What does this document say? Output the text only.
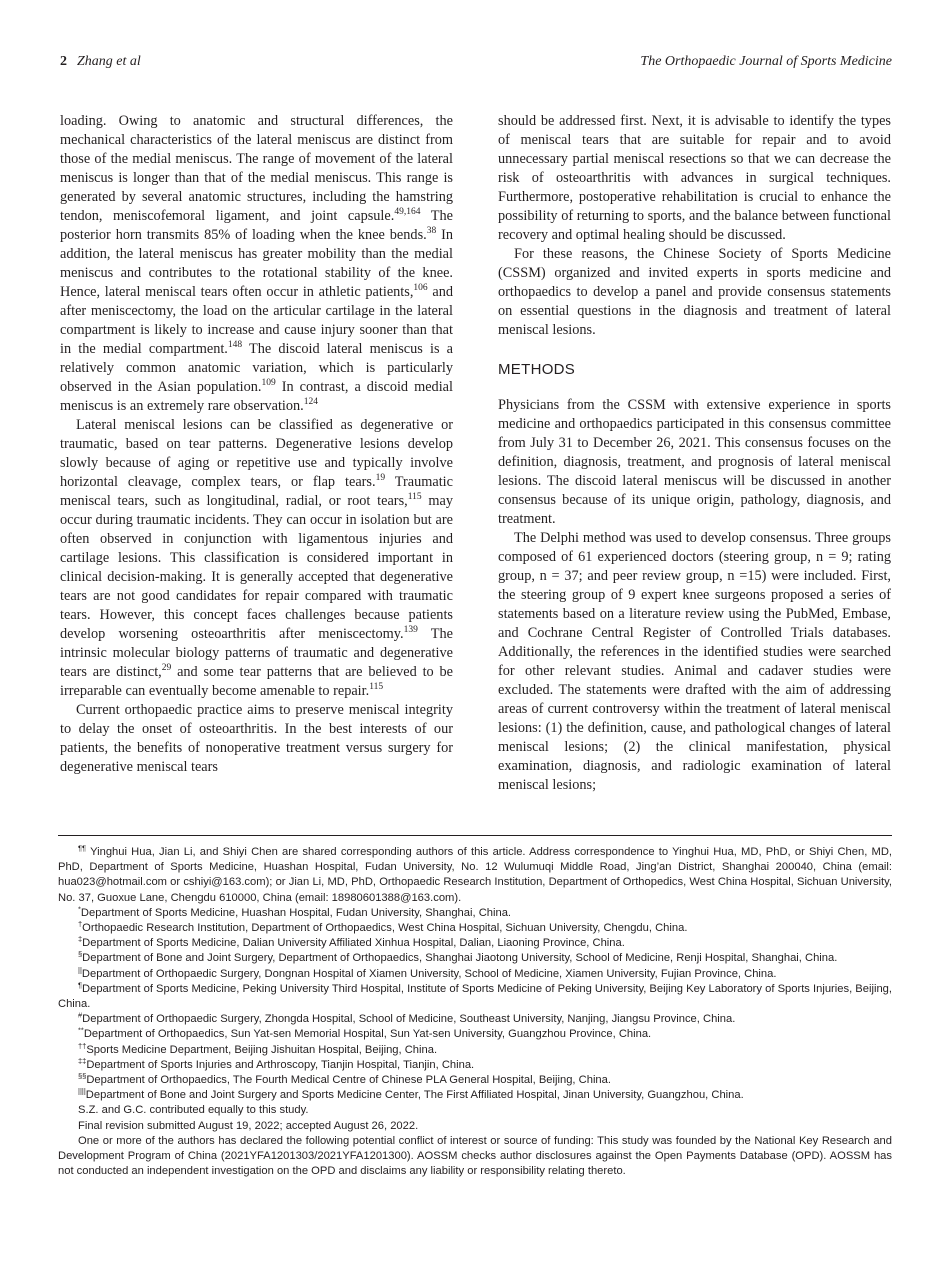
2 Zhang et al	The Orthopaedic Journal of Sports Medicine

loading. Owing to anatomic and structural differences, the mechanical characteristics of the lateral meniscus are distinct from those of the medial meniscus. The range of movement of the lateral meniscus is longer than that of the medial meniscus. This range is generated by several anatomic structures, including the hamstring tendon, meniscofemoral ligament, and joint capsule.$^{49,164}$ The posterior horn transmits 85% of loading when the knee bends.$^{38}$ In addition, the lateral meniscus has greater mobility than the medial meniscus and contributes to the rotational stability of the knee. Hence, lateral meniscal tears often occur in athletic patients,$^{106}$ and after meniscectomy, the load on the articular cartilage in the lateral compartment is likely to increase and cause injury sooner than that in the medial compartment.$^{148}$ The discoid lateral meniscus is a relatively common anatomic variation, which is particularly observed in the Asian population.$^{109}$ In contrast, a discoid medial meniscus is an extremely rare observation.$^{124}$

Lateral meniscal lesions can be classified as degenerative or traumatic, based on tear patterns. Degenerative lesions develop slowly because of aging or repetitive use and typically involve horizontal cleavage, complex tears, or flap tears.$^{19}$ Traumatic meniscal tears, such as longitudinal, radial, or root tears,$^{115}$ may occur during traumatic incidents. They can occur in isolation but are often observed in conjunction with ligamentous injuries and cartilage lesions. This classification is considered important in clinical decision-making. It is generally accepted that degenerative tears are not good candidates for repair compared with traumatic tears. However, this concept faces challenges because patients develop worsening osteoarthritis after meniscectomy.$^{139}$ The intrinsic molecular biology patterns of traumatic and degenerative tears are distinct,$^{29}$ and some tear patterns that are believed to be irreparable can eventually become amenable to repair.$^{115}$

Current orthopaedic practice aims to preserve meniscal integrity to delay the onset of osteoarthritis. In the best interests of our patients, the benefits of nonoperative treatment versus surgery for degenerative meniscal tears

should be addressed first. Next, it is advisable to identify the types of meniscal tears that are suitable for repair and to avoid unnecessary partial meniscal resections so that we can decrease the risk of osteoarthritis with advances in surgical techniques. Furthermore, postoperative rehabilitation is crucial to enhance the possibility of returning to sports, and the balance between functional recovery and optimal healing should be discussed.

For these reasons, the Chinese Society of Sports Medicine (CSSM) organized and invited experts in sports medicine and orthopaedics to develop a panel and provide consensus statements on essential questions in the diagnosis and treatment of lateral meniscal lesions.

METHODS

Physicians from the CSSM with extensive experience in sports medicine and orthopaedics participated in this consensus committee from July 31 to December 26, 2021. This consensus focuses on the definition, diagnosis, treatment, and prognosis of lateral meniscal lesions. The discoid lateral meniscus will be discussed in another consensus because of its unique origin, pathology, diagnosis, and treatment.

The Delphi method was used to develop consensus. Three groups composed of 61 experienced doctors (steering group, n = 9; rating group, n = 37; and peer review group, n =15) were included. First, the steering group of 9 expert knee surgeons proposed a series of statements based on a literature review using the PubMed, Embase, and Cochrane Central Register of Controlled Trials databases. Additionally, the references in the identified studies were searched for other relevant studies. Animal and cadaver studies were excluded. The statements were drafted with the aim of addressing areas of current controversy within the treatment of lateral meniscal lesions: (1) the definition, cause, and pathological changes of lateral meniscal lesions; (2) the clinical manifestation, physical examination, diagnosis, and radiologic examination of lateral meniscal lesions;

¶¶ Yinghui Hua, Jian Li, and Shiyi Chen are shared corresponding authors of this article. Address correspondence to Yinghui Hua, MD, PhD, or Shiyi Chen, MD, PhD, Department of Sports Medicine, Huashan Hospital, Fudan University, No. 12 Wulumuqi Middle Road, Jing’an District, Shanghai 200040, China (email: hua023@hotmail.com or cshiyi@163.com); or Jian Li, MD, PhD, Orthopaedic Research Institution, Department of Orthopedics, West China Hospital, Sichuan University, No. 37, Guoxue Lane, Chengdu 610000, China (email: 18980601388@163.com).

*Department of Sports Medicine, Huashan Hospital, Fudan University, Shanghai, China.

†Orthopaedic Research Institution, Department of Orthopaedics, West China Hospital, Sichuan University, Chengdu, China.

‡Department of Sports Medicine, Dalian University Affiliated Xinhua Hospital, Dalian, Liaoning Province, China.

§Department of Bone and Joint Surgery, Department of Orthopaedics, Shanghai Jiaotong University, School of Medicine, Renji Hospital, Shanghai, China.

||Department of Orthopaedic Surgery, Dongnan Hospital of Xiamen University, School of Medicine, Xiamen University, Fujian Province, China.

¶Department of Sports Medicine, Peking University Third Hospital, Institute of Sports Medicine of Peking University, Beijing Key Laboratory of Sports Injuries, Beijing, China.

#Department of Orthopaedic Surgery, Zhongda Hospital, School of Medicine, Southeast University, Nanjing, Jiangsu Province, China.

**Department of Orthopaedics, Sun Yat-sen Memorial Hospital, Sun Yat-sen University, Guangzhou Province, China.

††Sports Medicine Department, Beijing Jishuitan Hospital, Beijing, China.

‡‡Department of Sports Injuries and Arthroscopy, Tianjin Hospital, Tianjin, China.

§§Department of Orthopaedics, The Fourth Medical Centre of Chinese PLA General Hospital, Beijing, China.

||||Department of Bone and Joint Surgery and Sports Medicine Center, The First Affiliated Hospital, Jinan University, Guangzhou, China.

S.Z. and G.C. contributed equally to this study.

Final revision submitted August 19, 2022; accepted August 26, 2022.

One or more of the authors has declared the following potential conflict of interest or source of funding: This study was founded by the National Key Research and Development Program of China (2021YFA1201303/2021YFA1201300). AOSSM checks author disclosures against the Open Payments Database (OPD). AOSSM has not conducted an independent investigation on the OPD and disclaims any liability or responsibility relating thereto.
